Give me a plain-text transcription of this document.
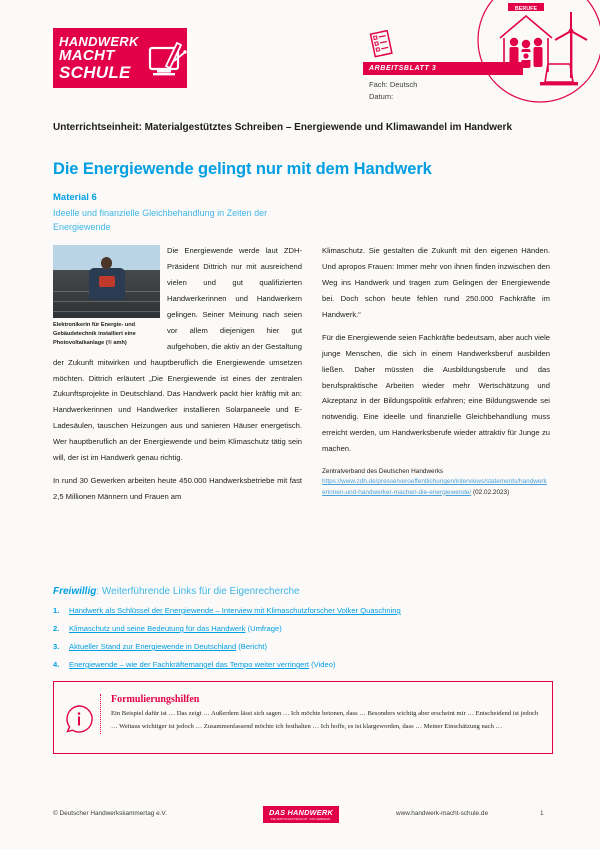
HANDWERK
MACHT
SCHULE	ARBEITSBLATT 3
Fach: Deutsch
Datum:
BERUFE
Unterrichtseinheit: Materialgestütztes Schreiben – Energiewende und Klimawandel im Handwerk
Die Energiewende gelingt nur mit dem Handwerk
Material 6
Ideelle und finanzielle Gleichbehandlung in Zeiten der Energiewende
Elektronikerin für Energie- und Gebäudetechnik installiert eine Photovoltaikanlage (© amh)

Die Energiewende werde laut ZDH-Präsident Dittrich nur mit ausreichend vielen und gut qualifizierten Handwerkerinnen und Handwerkern gelingen. Seiner Meinung nach seien vor allem diejenigen hier gut aufgehoben, die aktiv an der Gestaltung der Zukunft mitwirken und hauptberuflich die Energiewende umsetzen möchten. Dittrich erläutert „Die Energiewende ist eines der zentralen Zukunftsprojekte in Deutschland. Das Handwerk packt hier kräftig mit an: Handwerkerinnen und Handwerker installieren Solarpaneele und E-Ladesäulen, tauschen Heizungen aus und sanieren Häuser energetisch. Wer hauptberuflich an der Energiewende und beim Klimaschutz tätig sein will, der ist im Handwerk genau richtig.

In rund 30 Gewerken arbeiten heute 450.000 Handwerksbetriebe mit fast 2,5 Millionen Männern und Frauen am

Klimaschutz. Sie gestalten die Zukunft mit den eigenen Händen. Und apropos Frauen: Immer mehr von ihnen finden inzwischen den Weg ins Handwerk und tragen zum Gelingen der Energiewende bei. Doch schon heute fehlen rund 250.000 Fachkräfte im Handwerk.“

Für die Energiewende seien Fachkräfte bedeutsam, aber auch viele junge Menschen, die sich in einem Handwerksberuf ausbilden ließen. Daher müssten die Ausbildungsberufe und das berufspraktische Arbeiten wieder mehr Wertschätzung und Akzeptanz in der Bildungspolitik erfahren; eine Bildungswende sei notwendig. Eine ideelle und finanzielle Gleichbehandlung muss erreicht werden, um Handwerksberufe wieder attraktiv für Junge zu machen.

Zentralverband des Deutschen Handwerks
https://www.zdh.de/presse/veroeffentlichungen/interviews/statements/handwerkerinnen-und-handwerker-machen-die-energiewende/ (02.02.2023)
Freiwillig: Weiterführende Links für die Eigenrecherche
1.	Handwerk als Schlüssel der Energiewende – Interview mit Klimaschutzforscher Volker Quaschning
2.	Klimaschutz und seine Bedeutung für das Handwerk (Umfrage)
3.	Aktueller Stand zur Energiewende in Deutschland (Bericht)
4.	Energiewende – wie der Fachkräftemangel das Tempo weiter verringert (Video)
Formulierungshilfen
Ein Beispiel dafür ist … Das zeigt … Außerdem lässt sich sagen … Ich möchte betonen, dass … Besonders wichtig aber erscheint mir … Entscheidend ist jedoch … Weitaus wichtiger ist jedoch … Zusammenfassend möchte ich festhalten … Ich hoffe, es ist klargeworden, dass … Meiner Einschätzung nach …
© Deutscher Handwerkskammertag e.V.	DAS HANDWERK
DIE WIRTSCHAFTSMACHT. VON NEBENAN.
www.handwerk-macht-schule.de	1
